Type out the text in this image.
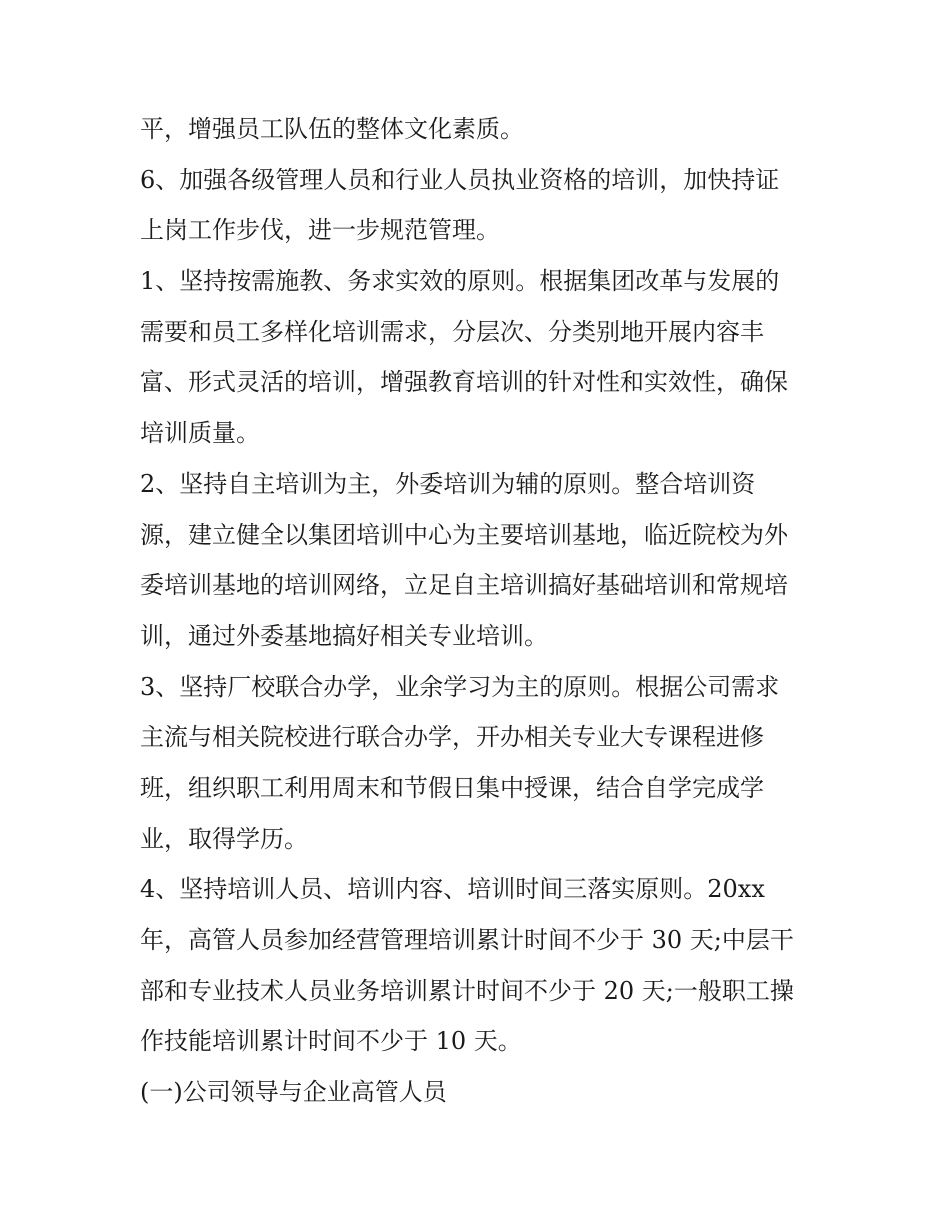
平，增强员工队伍的整体文化素质。
6、加强各级管理人员和行业人员执业资格的培训，加快持证
上岗工作步伐，进一步规范管理。
1、坚持按需施教、务求实效的原则。根据集团改革与发展的
需要和员工多样化培训需求，分层次、分类别地开展内容丰
富、形式灵活的培训，增强教育培训的针对性和实效性，确保
培训质量。
2、坚持自主培训为主，外委培训为辅的原则。整合培训资
源，建立健全以集团培训中心为主要培训基地，临近院校为外
委培训基地的培训网络，立足自主培训搞好基础培训和常规培
训，通过外委基地搞好相关专业培训。
3、坚持厂校联合办学，业余学习为主的原则。根据公司需求
主流与相关院校进行联合办学，开办相关专业大专课程进修
班，组织职工利用周末和节假日集中授课，结合自学完成学
业，取得学历。
4、坚持培训人员、培训内容、培训时间三落实原则。20xx
年，高管人员参加经营管理培训累计时间不少于 30 天;中层干
部和专业技术人员业务培训累计时间不少于 20 天;一般职工操
作技能培训累计时间不少于 10 天。
(一)公司领导与企业高管人员
